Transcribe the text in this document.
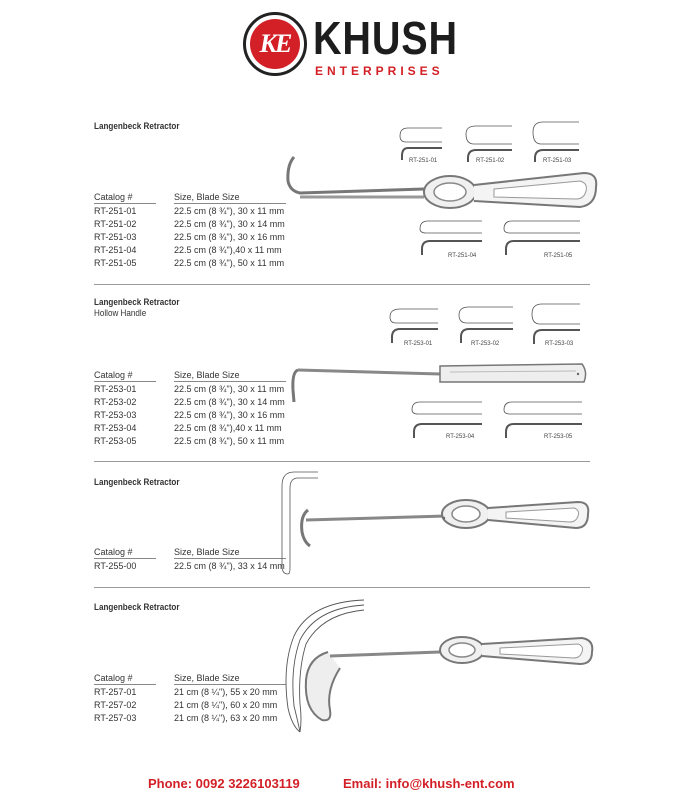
KE KHUSH
ENTERPRISES
Langenbeck Retractor
Catalog #	Size, Blade Size
RT-251-01	22.5 cm (8 ¾"), 30 x 11 mm
RT-251-02	22.5 cm (8 ¾"), 30 x 14 mm
RT-251-03	22.5 cm (8 ¾"), 30 x 16 mm
RT-251-04	22.5 cm (8 ¾"),40 x 11 mm
RT-251-05	22.5 cm (8 ¾"), 50 x 11 mm
RT-251-01	RT-251-02	RT-251-03
RT-251-04	RT-251-05
Langenbeck Retractor
Hollow Handle
Catalog #	Size, Blade Size
RT-253-01	22.5 cm (8 ¾"), 30 x 11 mm
RT-253-02	22.5 cm (8 ¾"), 30 x 14 mm
RT-253-03	22.5 cm (8 ¾"), 30 x 16 mm
RT-253-04	22.5 cm (8 ¾"),40 x 11 mm
RT-253-05	22.5 cm (8 ¾"), 50 x 11 mm
RT-253-01	RT-253-02	RT-253-03
RT-253-04	RT-253-05
Langenbeck Retractor
Catalog #	Size, Blade Size
RT-255-00	22.5 cm (8 ¾"), 33 x 14 mm
Langenbeck Retractor
Catalog #	Size, Blade Size
RT-257-01	21 cm (8 ¼"), 55 x 20 mm
RT-257-02	21 cm (8 ¼"), 60 x 20 mm
RT-257-03	21 cm (8 ¼"), 63 x 20 mm
Phone: 0092 3226103119	Email: info@khush-ent.com
